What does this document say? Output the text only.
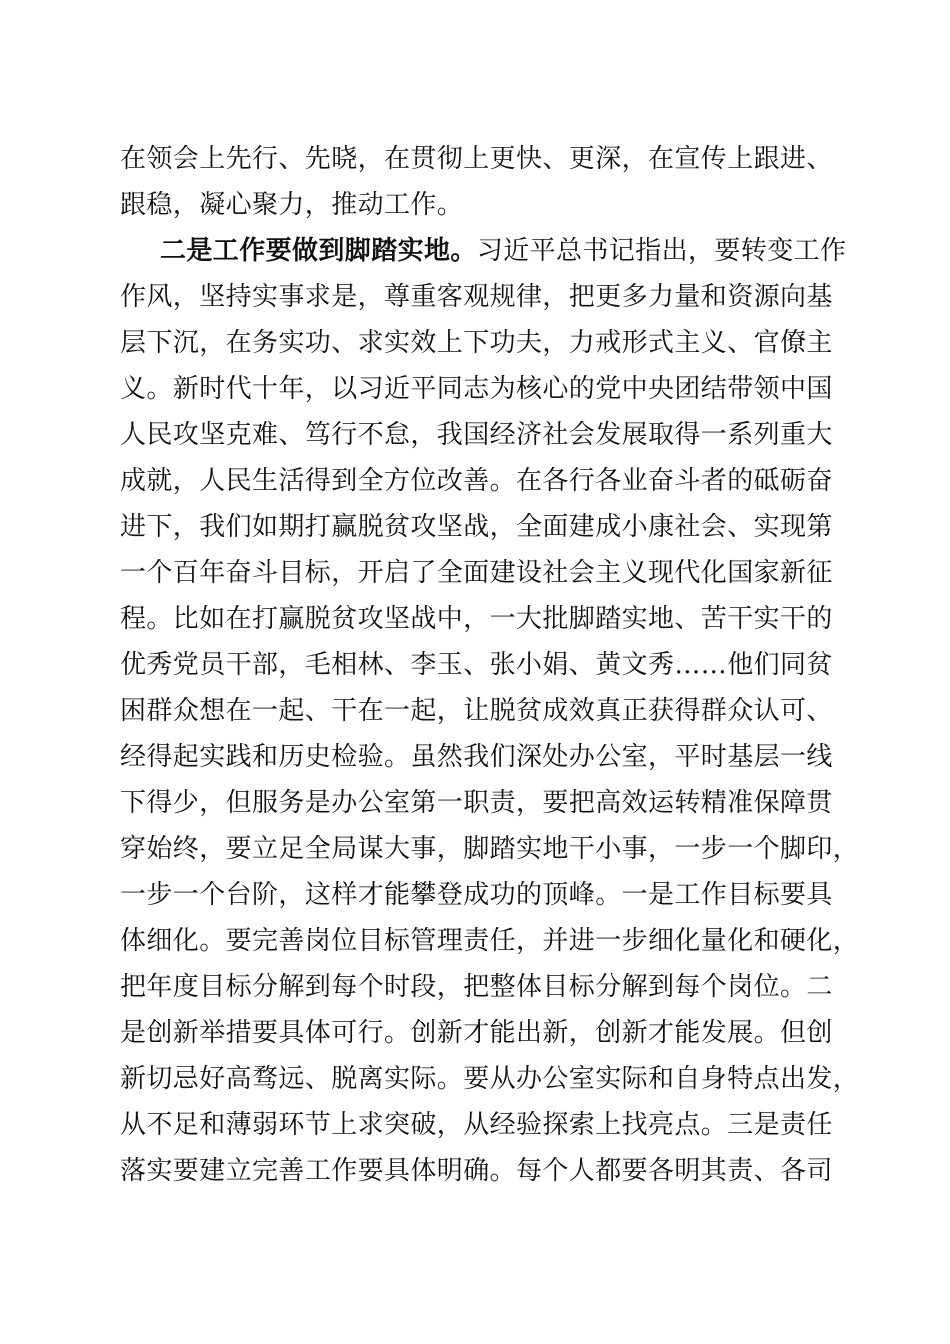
在领会上先行、先晓，在贯彻上更快、更深，在宣传上跟进、
跟稳，凝心聚力，推动工作。
二是工作要做到脚踏实地。习近平总书记指出，要转变工作
作风，坚持实事求是，尊重客观规律，把更多力量和资源向基
层下沉，在务实功、求实效上下功夫，力戒形式主义、官僚主
义。新时代十年，以习近平同志为核心的党中央团结带领中国
人民攻坚克难、笃行不怠，我国经济社会发展取得一系列重大
成就，人民生活得到全方位改善。在各行各业奋斗者的砥砺奋
进下，我们如期打赢脱贫攻坚战，全面建成小康社会、实现第
一个百年奋斗目标，开启了全面建设社会主义现代化国家新征
程。比如在打赢脱贫攻坚战中，一大批脚踏实地、苦干实干的
优秀党员干部，毛相林、李玉、张小娟、黄文秀……他们同贫
困群众想在一起、干在一起，让脱贫成效真正获得群众认可、
经得起实践和历史检验。虽然我们深处办公室，平时基层一线
下得少，但服务是办公室第一职责，要把高效运转精准保障贯
穿始终，要立足全局谋大事，脚踏实地干小事，一步一个脚印，
一步一个台阶，这样才能攀登成功的顶峰。一是工作目标要具
体细化。要完善岗位目标管理责任，并进一步细化量化和硬化，
把年度目标分解到每个时段，把整体目标分解到每个岗位。二
是创新举措要具体可行。创新才能出新，创新才能发展。但创
新切忌好高骛远、脱离实际。要从办公室实际和自身特点出发，
从不足和薄弱环节上求突破，从经验探索上找亮点。三是责任
落实要建立完善工作要具体明确。每个人都要各明其责、各司
